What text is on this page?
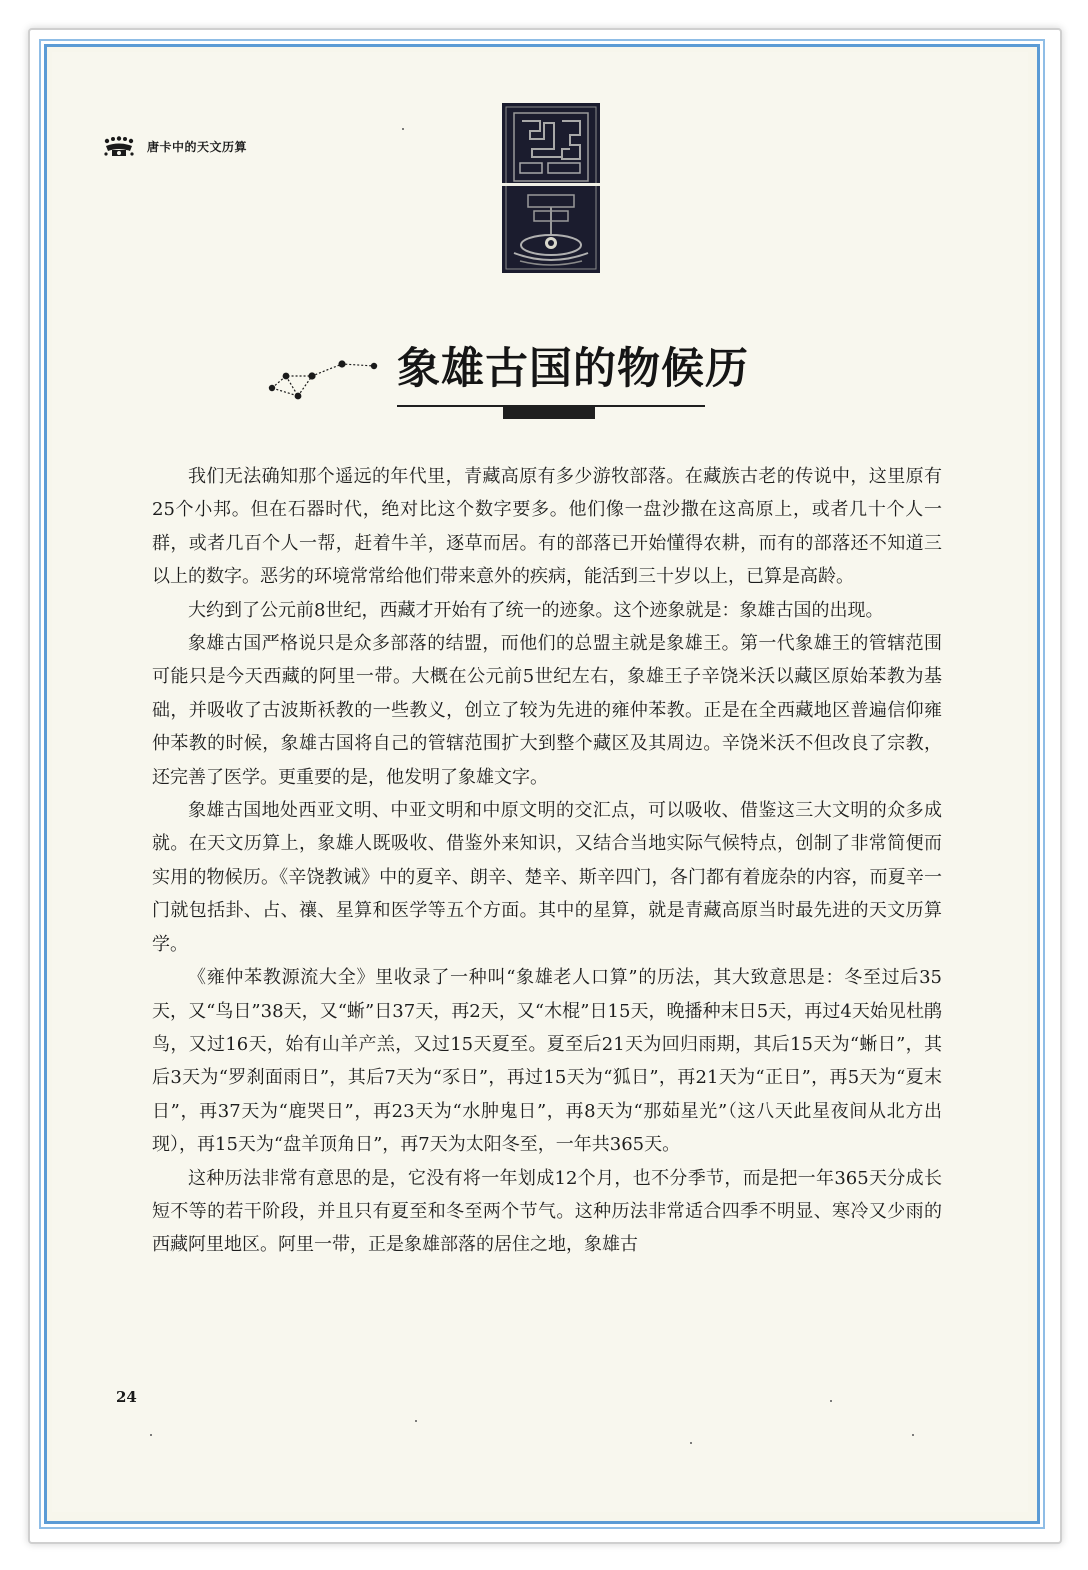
唐卡中的天文历算
象雄古国的物候历

我们无法确知那个遥远的年代里，青藏高原有多少游牧部落。在藏族古老的传说中，这里原有25个小邦。但在石器时代，绝对比这个数字要多。他们像一盘沙撒在这高原上，或者几十个人一群，或者几百个人一帮，赶着牛羊，逐草而居。有的部落已开始懂得农耕，而有的部落还不知道三以上的数字。恶劣的环境常常给他们带来意外的疾病，能活到三十岁以上，已算是高龄。

大约到了公元前8世纪，西藏才开始有了统一的迹象。这个迹象就是：象雄古国的出现。

象雄古国严格说只是众多部落的结盟，而他们的总盟主就是象雄王。第一代象雄王的管辖范围可能只是今天西藏的阿里一带。大概在公元前5世纪左右，象雄王子辛饶米沃以藏区原始苯教为基础，并吸收了古波斯袄教的一些教义，创立了较为先进的雍仲苯教。正是在全西藏地区普遍信仰雍仲苯教的时候，象雄古国将自己的管辖范围扩大到整个藏区及其周边。辛饶米沃不但改良了宗教，还完善了医学。更重要的是，他发明了象雄文字。

象雄古国地处西亚文明、中亚文明和中原文明的交汇点，可以吸收、借鉴这三大文明的众多成就。在天文历算上，象雄人既吸收、借鉴外来知识，又结合当地实际气候特点，创制了非常简便而实用的物候历。《辛饶教诫》中的夏辛、朗辛、楚辛、斯辛四门，各门都有着庞杂的内容，而夏辛一门就包括卦、占、禳、星算和医学等五个方面。其中的星算，就是青藏高原当时最先进的天文历算学。

《雍仲苯教源流大全》里收录了一种叫“象雄老人口算”的历法，其大致意思是：冬至过后35天，又“鸟日”38天，又“蜥”日37天，再2天，又“木棍”日15天，晚播种末日5天，再过4天始见杜鹃鸟，又过16天，始有山羊产羔，又过15天夏至。夏至后21天为回归雨期，其后15天为“蜥日”，其后3天为“罗刹面雨日”，其后7天为“豕日”，再过15天为“狐日”，再21天为“正日”，再5天为“夏末日”，再37天为“鹿哭日”，再23天为“水肿鬼日”，再8天为“那茹星光”（这八天此星夜间从北方出现），再15天为“盘羊顶角日”，再7天为太阳冬至，一年共365天。

这种历法非常有意思的是，它没有将一年划成12个月，也不分季节，而是把一年365天分成长短不等的若干阶段，并且只有夏至和冬至两个节气。这种历法非常适合四季不明显、寒冷又少雨的西藏阿里地区。阿里一带，正是象雄部落的居住之地，象雄古

24
